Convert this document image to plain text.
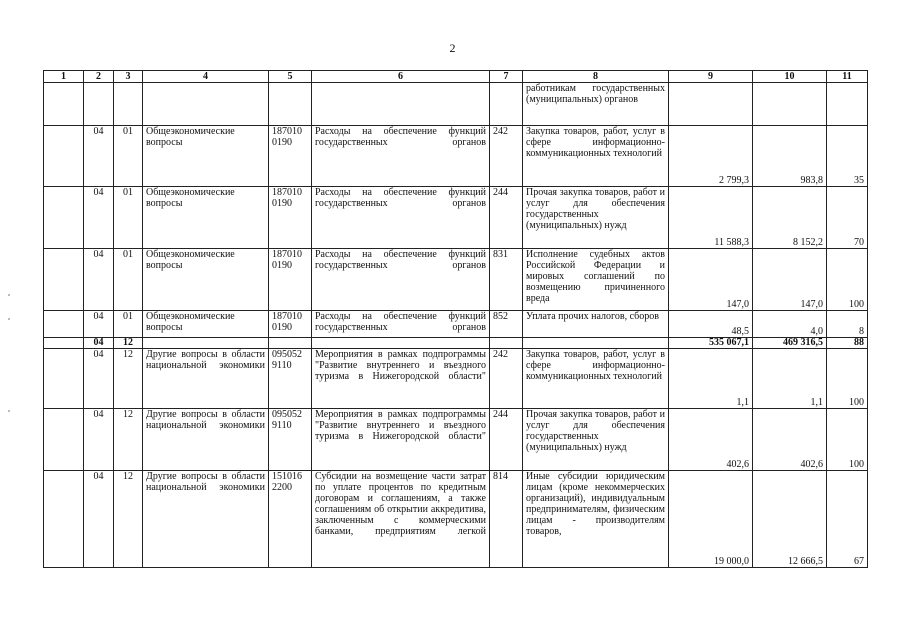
2
1	2	3	4	5	6	7	8	9	10	11
							работникам государственных (муниципальных) органов			
	04	01	Общеэкономические вопросы	187010 0190	Расходы на обеспечение функций государственных органов	242	Закупка товаров, работ, услуг в сфере информационно-коммуникационных технологий	2 799,3	983,8	35
	04	01	Общеэкономические вопросы	187010 0190	Расходы на обеспечение функций государственных органов	244	Прочая закупка товаров, работ и услуг для обеспечения государственных (муниципальных) нужд	11 588,3	8 152,2	70
	04	01	Общеэкономические вопросы	187010 0190	Расходы на обеспечение функций государственных органов	831	Исполнение судебных актов Российской Федерации и мировых соглашений по возмещению причиненного вреда	147,0	147,0	100
	04	01	Общеэкономические вопросы	187010 0190	Расходы на обеспечение функций государственных органов	852	Уплата прочих налогов, сборов	48,5	4,0	8
	04	12						535 067,1	469 316,5	88
	04	12	Другие вопросы в области национальной экономики	095052 9110	Мероприятия в рамках подпрограммы "Развитие внутреннего и въездного туризма в Нижегородской области"	242	Закупка товаров, работ, услуг в сфере информационно-коммуникационных технологий	1,1	1,1	100
	04	12	Другие вопросы в области национальной экономики	095052 9110	Мероприятия в рамках подпрограммы "Развитие внутреннего и въездного туризма в Нижегородской области"	244	Прочая закупка товаров, работ и услуг для обеспечения государственных (муниципальных) нужд	402,6	402,6	100
	04	12	Другие вопросы в области национальной экономики	151016 2200	Субсидии на возмещение части затрат по уплате процентов по кредитным договорам и соглашениям, а также соглашениям об открытии аккредитива, заключенным с коммерческими банками, предприятиям легкой	814	Иные субсидии юридическим лицам (кроме некоммерческих организаций), индивидуальным предпринимателям, физическим лицам - производителям товаров,	19 000,0	12 666,5	67
